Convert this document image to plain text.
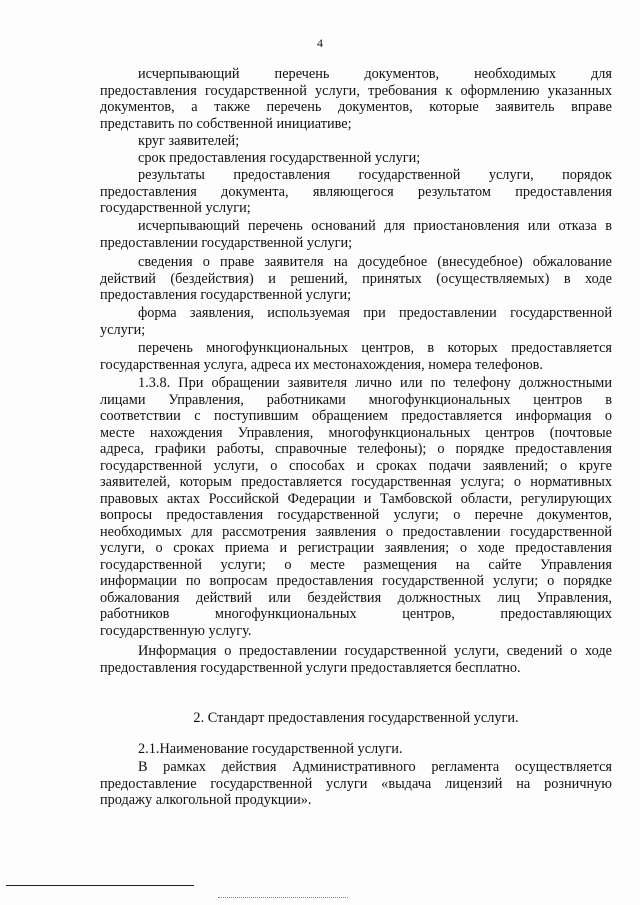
4
исчерпывающий перечень документов, необходимых для
предоставления государственной услуги, требования к оформлению указанных
документов, а также перечень документов, которые заявитель вправе
представить по собственной инициативе;
круг заявителей;
срок предоставления государственной услуги;
результаты предоставления государственной услуги, порядок
предоставления документа, являющегося результатом предоставления
государственной услуги;
исчерпывающий перечень оснований для приостановления или отказа в
предоставлении государственной услуги;
сведения о праве заявителя на досудебное (внесудебное) обжалование
действий (бездействия) и решений, принятых (осуществляемых) в ходе
предоставления государственной услуги;
форма заявления, используемая при предоставлении государственной
услуги;
перечень многофункциональных центров, в которых предоставляется
государственная услуга, адреса их местонахождения, номера телефонов.
1.3.8. При обращении заявителя лично или по телефону должностными
лицами Управления, работниками многофункциональных центров в
соответствии с поступившим обращением предоставляется информация о
месте нахождения Управления, многофункциональных центров (почтовые
адреса, графики работы, справочные телефоны); о порядке предоставления
государственной услуги, о способах и сроках подачи заявлений; о круге
заявителей, которым предоставляется государственная услуга; о нормативных
правовых актах Российской Федерации и Тамбовской области, регулирующих
вопросы предоставления государственной услуги; о перечне документов,
необходимых для рассмотрения заявления о предоставлении государственной
услуги, о сроках приема и регистрации заявления; о ходе предоставления
государственной услуги; о месте размещения на сайте Управления
информации по вопросам предоставления государственной услуги; о порядке
обжалования действий или бездействия должностных лиц Управления,
работников многофункциональных центров, предоставляющих
государственную услугу.
Информация о предоставлении государственной услуги, сведений о ходе
предоставления государственной услуги предоставляется бесплатно.
2.1.Наименование государственной услуги.
В рамках действия Административного регламента осуществляется
предоставление государственной услуги «выдача лицензий на розничную
продажу алкогольной продукции».
2. Стандарт предоставления государственной услуги.
